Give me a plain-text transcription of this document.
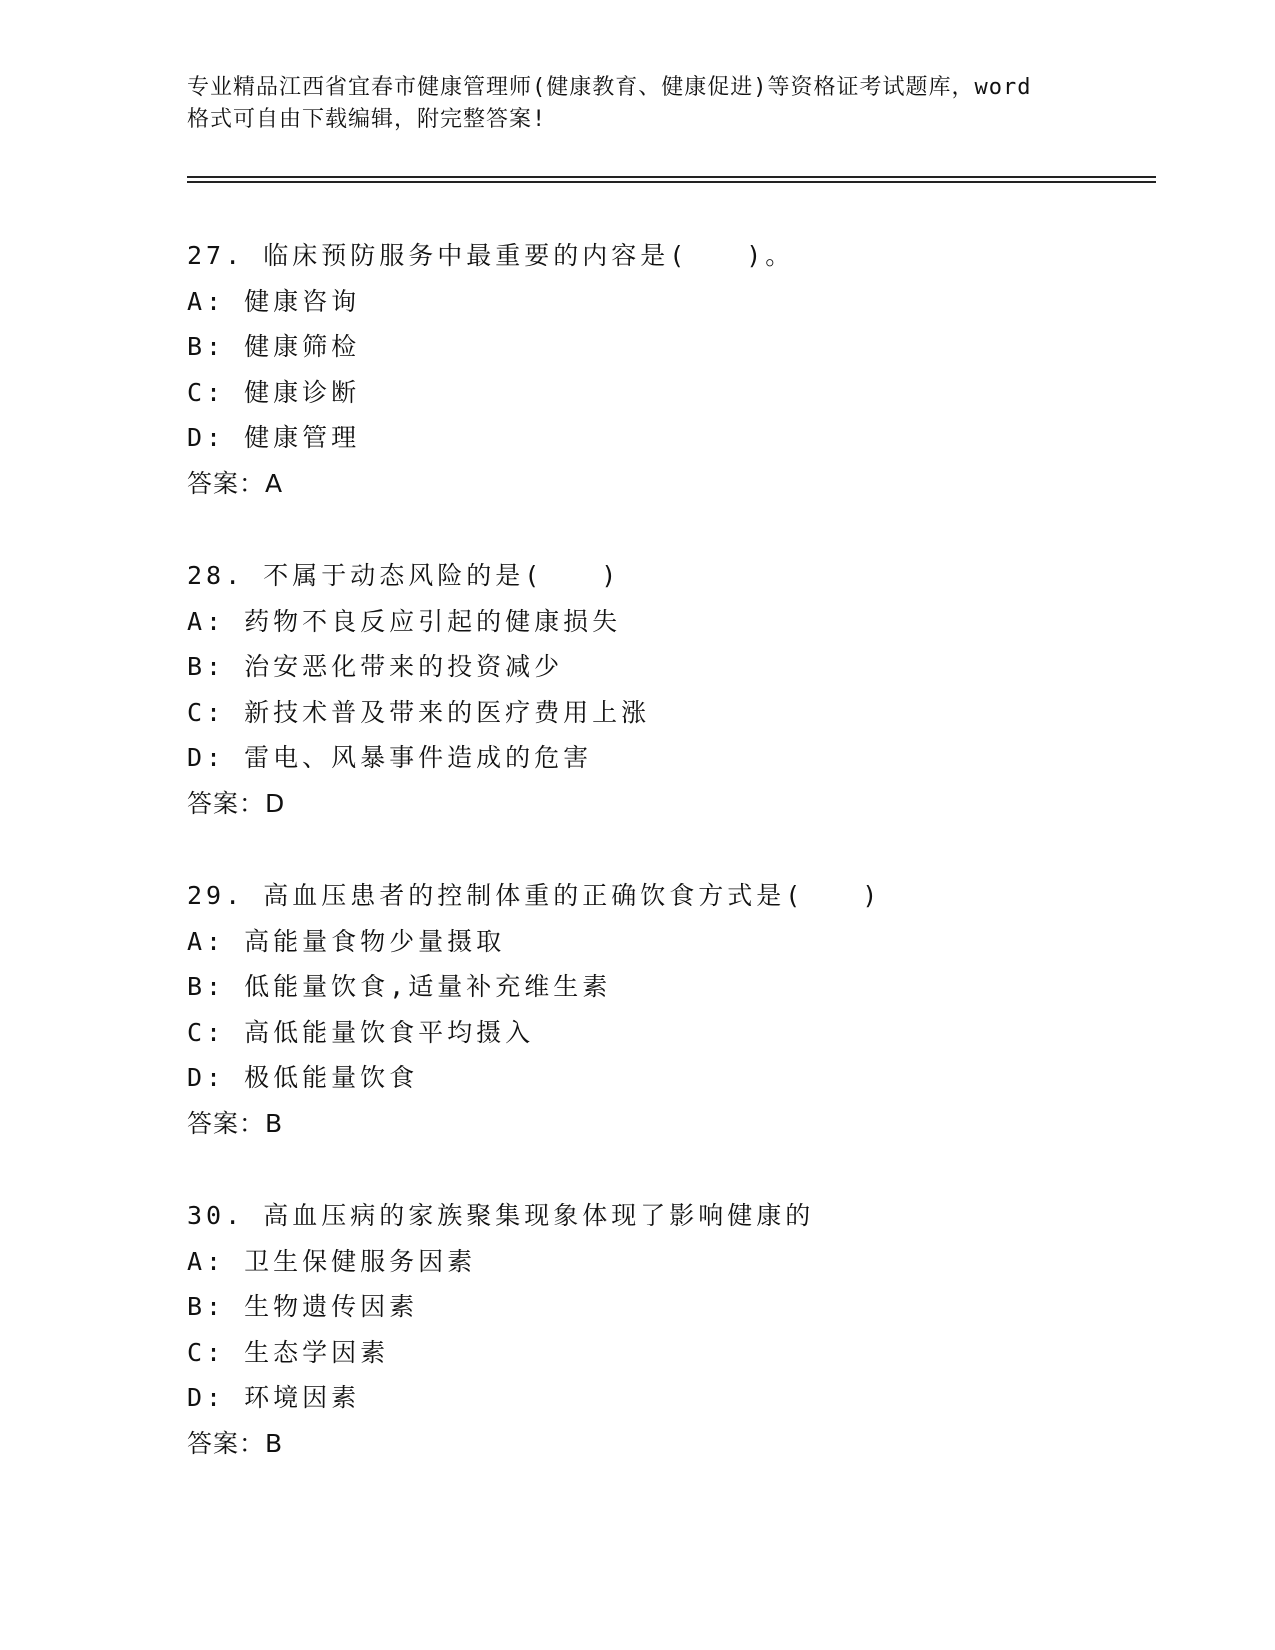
专业精品江西省宜春市健康管理师(健康教育、健康促进)等资格证考试题库，word
格式可自由下载编辑，附完整答案!
27. 临床预防服务中最重要的内容是(　　)。
A: 健康咨询
B: 健康筛检
C: 健康诊断
D: 健康管理
答案：A
28. 不属于动态风险的是(　　)
A: 药物不良反应引起的健康损失
B: 治安恶化带来的投资减少
C: 新技术普及带来的医疗费用上涨
D: 雷电、风暴事件造成的危害
答案：D
29. 高血压患者的控制体重的正确饮食方式是(　　)
A: 高能量食物少量摄取
B: 低能量饮食,适量补充维生素
C: 高低能量饮食平均摄入
D: 极低能量饮食
答案：B
30. 高血压病的家族聚集现象体现了影响健康的
A: 卫生保健服务因素
B: 生物遗传因素
C: 生态学因素
D: 环境因素
答案：B
